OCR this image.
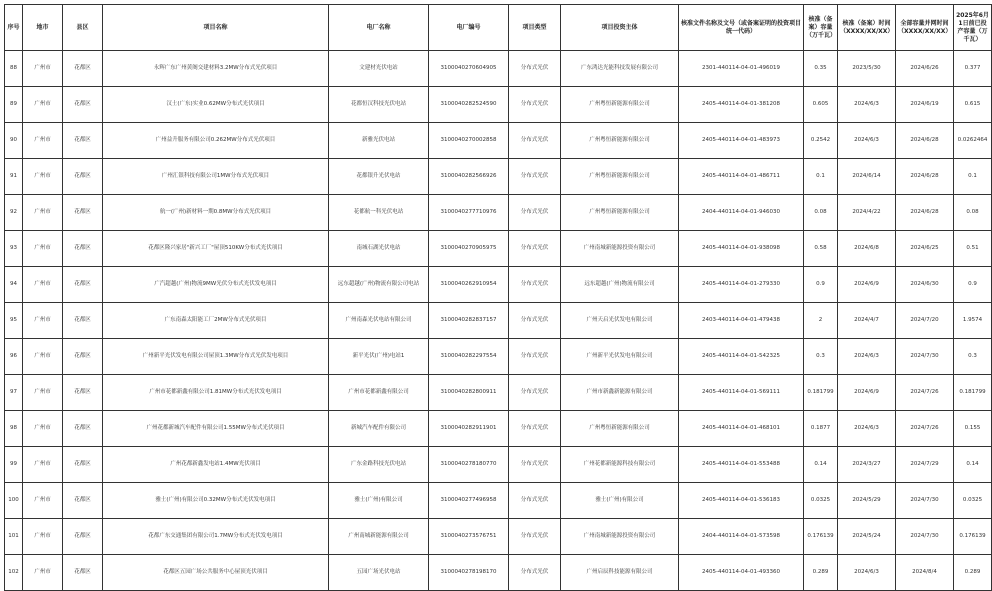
序号	地市	县区	项目名称	电厂名称	电厂编号	项目类型	项目投资主体	核准文件名称及文号（或备案证明的投资项目统一代码）	核准（备案）容量（万千瓦）	核准（备案）时间（XXXX/XX/XX）	全部容量并网时间（XXXX/XX/XX）	2025年6月1日前已投产容量（万千瓦）
88	广州市	花都区	永辉广东广州黄阁交建材料3.2MW分布式光伏项目	文建材光伏电站	3100040270604905	分布式光伏	广东鸿达光能科技发展有限公司	2301-440114-04-01-496019	0.35	2023/5/30	2024/6/26	0.377
89	广州市	花都区	汉士(广东)实业0.62MW分布式光伏项目	花都恒汉科技光伏电站	3100040282524590	分布式光伏	广州粤恒新能源有限公司	2405-440114-04-01-381208	0.605	2024/6/3	2024/6/19	0.615
90	广州市	花都区	广州益升服务有限公司0.262MW分布式光伏项目	新雅光伏电站	3100040270002858	分布式光伏	广州粤恒新能源有限公司	2405-440114-04-01-483973	0.2542	2024/6/3	2024/6/28	0.0262464
91	广州市	花都区	广州汇银科技有限公司1MW分布式光伏项目	花都银升光伏电站	3100040282566926	分布式光伏	广州粤恒新能源有限公司	2405-440114-04-01-486711	0.1	2024/6/14	2024/6/28	0.1
92	广州市	花都区	航一(广州)新材料一期0.8MW分布式光伏项目	花都航一科光伏电站	3100040277710976	分布式光伏	广州粤恒新能源有限公司	2404-440114-04-01-946030	0.08	2024/4/22	2024/6/28	0.08
93	广州市	花都区	花都区隆兴家居"新兴工厂"屋顶510KW分布式光伏项目	南城石湖光伏电站	3100040270905975	分布式光伏	广州南城新能源投资有限公司	2405-440114-04-01-938098	0.58	2024/6/8	2024/6/25	0.51
94	广州市	花都区	广汽超越(广州)物流9MW光伏分布式光伏发电项目	远东超越(广州)物流有限公司电站	3100040262910954	分布式光伏	远东超越(广州)物流有限公司	2405-440114-04-01-279330	0.9	2024/6/9	2024/6/30	0.9
95	广州市	花都区	广东南森太阳能工厂2MW分布式光伏项目	广州南森光伏电站有限公司	3100040282837157	分布式光伏	广州天启光伏发电有限公司	2403-440114-04-01-479438	2	2024/4/7	2024/7/20	1.9574
96	广州市	花都区	广州新平光伏发电有限公司屋顶1.3MW分布式光伏发电项目	新平光伏(广州)电站1	3100040282297554	分布式光伏	广州新平光伏发电有限公司	2405-440114-04-01-542325	0.3	2024/6/3	2024/7/30	0.3
97	广州市	花都区	广州市花都新鑫有限公司1.81MW分布式光伏发电项目	广州市花都新鑫有限公司	3100040282800911	分布式光伏	广州市新鑫新能源有限公司	2405-440114-04-01-569111	0.181799	2024/6/9	2024/7/26	0.181799
98	广州市	花都区	广州花都新城汽车配件有限公司1.55MW分布式光伏项目	新城汽车配件有限公司	3100040282911901	分布式光伏	广州粤恒新能源有限公司	2405-440114-04-01-468101	0.1877	2024/6/3	2024/7/26	0.155
99	广州市	花都区	广州花都新鑫发电站1.4MW光伏项目	广东金路科技光伏电站	3100040278180770	分布式光伏	广州花都新能源科技有限公司	2405-440114-04-01-553488	0.14	2024/3/27	2024/7/29	0.14
100	广州市	花都区	雅士(广州)有限公司0.32MW分布式光伏发电项目	雅士(广州)有限公司	3100040277496958	分布式光伏	雅士(广州)有限公司	2405-440114-04-01-536183	0.0325	2024/5/29	2024/7/30	0.0325
101	广州市	花都区	花都广东交通集团有限公司1.7MW分布式光伏发电项目	广州南城新能源有限公司	3100040273576751	分布式光伏	广州南城新能源投资有限公司	2404-440114-04-01-573598	0.176139	2024/5/24	2024/7/30	0.176139
102	广州市	花都区	花都区五园广场公共服务中心屋顶光伏项目	五园广场光伏电站	3100040278198170	分布式光伏	广州启辰科技能源有限公司	2405-440114-04-01-493360	0.289	2024/6/3	2024/8/4	0.289
